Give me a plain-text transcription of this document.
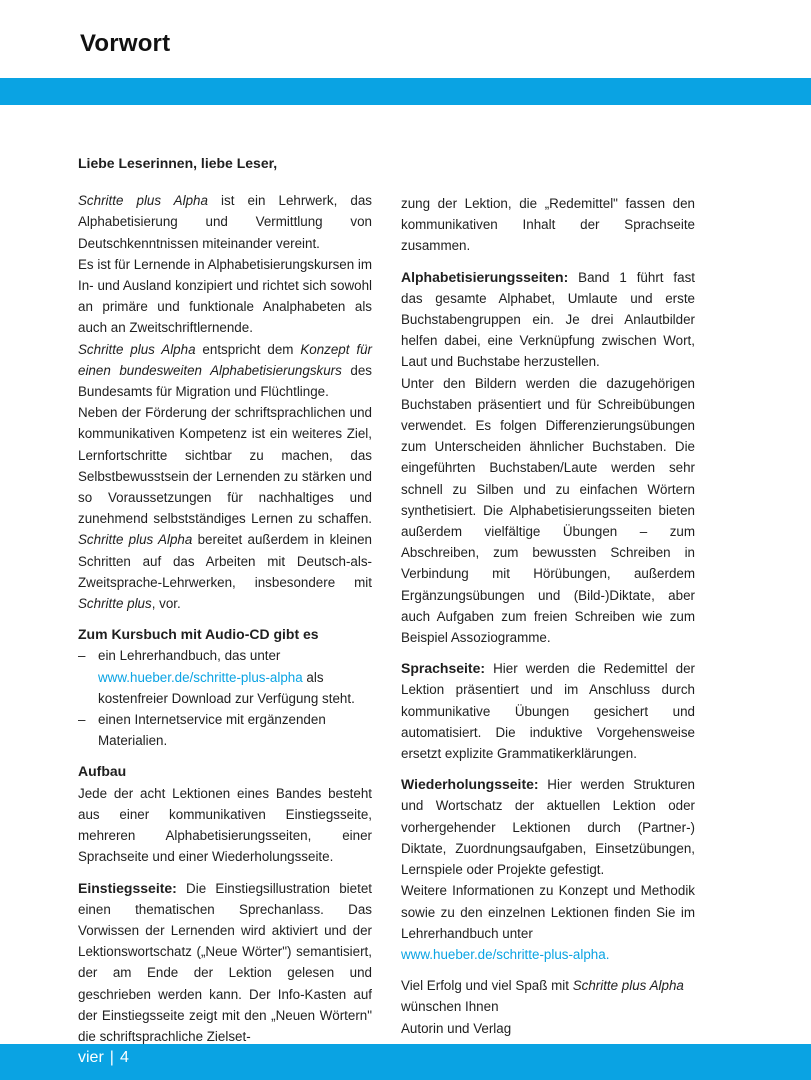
Vorwort

Liebe Leserinnen, liebe Leser,

Schritte plus Alpha ist ein Lehrwerk, das Alphabetisierung und Vermittlung von Deutschkenntnissen miteinander vereint.

Es ist für Lernende in Alphabetisierungskursen im In- und Ausland konzipiert und richtet sich sowohl an primäre und funktionale Analphabeten als auch an Zweitschriftlernende.

Schritte plus Alpha entspricht dem Konzept für einen bundesweiten Alphabetisierungskurs des Bundesamts für Migration und Flüchtlinge.

Neben der Förderung der schriftsprachlichen und kommunikativen Kompetenz ist ein weiteres Ziel, Lernfortschritte sichtbar zu machen, das Selbstbewusstsein der Lernenden zu stärken und so Voraussetzungen für nachhaltiges und zunehmend selbstständiges Lernen zu schaffen. Schritte plus Alpha bereitet außerdem in kleinen Schritten auf das Arbeiten mit Deutsch-als-Zweitsprache-Lehrwerken, insbesondere mit Schritte plus, vor.

Zum Kursbuch mit Audio-CD gibt es

– ein Lehrerhandbuch, das unter
www.hueber.de/schritte-plus-alpha als kostenfreier Download zur Verfügung steht.
– einen Internetservice mit ergänzenden Materialien.

Aufbau

Jede der acht Lektionen eines Bandes besteht aus einer kommunikativen Einstiegsseite, mehreren Alphabetisierungsseiten, einer Sprachseite und einer Wiederholungsseite.

Einstiegsseite: Die Einstiegsillustration bietet einen thematischen Sprechanlass. Das Vorwissen der Lernenden wird aktiviert und der Lektionswortschatz („Neue Wörter") semantisiert, der am Ende der Lektion gelesen und geschrieben werden kann. Der Info-Kasten auf der Einstiegsseite zeigt mit den „Neuen Wörtern" die schriftsprachliche Zielset-

zung der Lektion, die „Redemittel" fassen den kommunikativen Inhalt der Sprachseite zusammen.

Alphabetisierungsseiten: Band 1 führt fast das gesamte Alphabet, Umlaute und erste Buchstabengruppen ein. Je drei Anlautbilder helfen dabei, eine Verknüpfung zwischen Wort, Laut und Buchstabe herzustellen.

Unter den Bildern werden die dazugehörigen Buchstaben präsentiert und für Schreibübungen verwendet. Es folgen Differenzierungsübungen zum Unterscheiden ähnlicher Buchstaben. Die eingeführten Buchstaben/Laute werden sehr schnell zu Silben und zu einfachen Wörtern synthetisiert. Die Alphabetisierungsseiten bieten außerdem vielfältige Übungen – zum Abschreiben, zum bewussten Schreiben in Verbindung mit Hörübungen, außerdem Ergänzungsübungen und (Bild-)Diktate, aber auch Aufgaben zum freien Schreiben wie zum Beispiel Assoziogramme.

Sprachseite: Hier werden die Redemittel der Lektion präsentiert und im Anschluss durch kommunikative Übungen gesichert und automatisiert. Die induktive Vorgehensweise ersetzt explizite Grammatikerklärungen.

Wiederholungsseite: Hier werden Strukturen und Wortschatz der aktuellen Lektion oder vorhergehender Lektionen durch (Partner-) Diktate, Zuordnungsaufgaben, Einsetzübungen, Lernspiele oder Projekte gefestigt.

Weitere Informationen zu Konzept und Methodik sowie zu den einzelnen Lektionen finden Sie im Lehrerhandbuch unter

www.hueber.de/schritte-plus-alpha.

Viel Erfolg und viel Spaß mit Schritte plus Alpha

wünschen Ihnen

Autorin und Verlag

vier | 4
